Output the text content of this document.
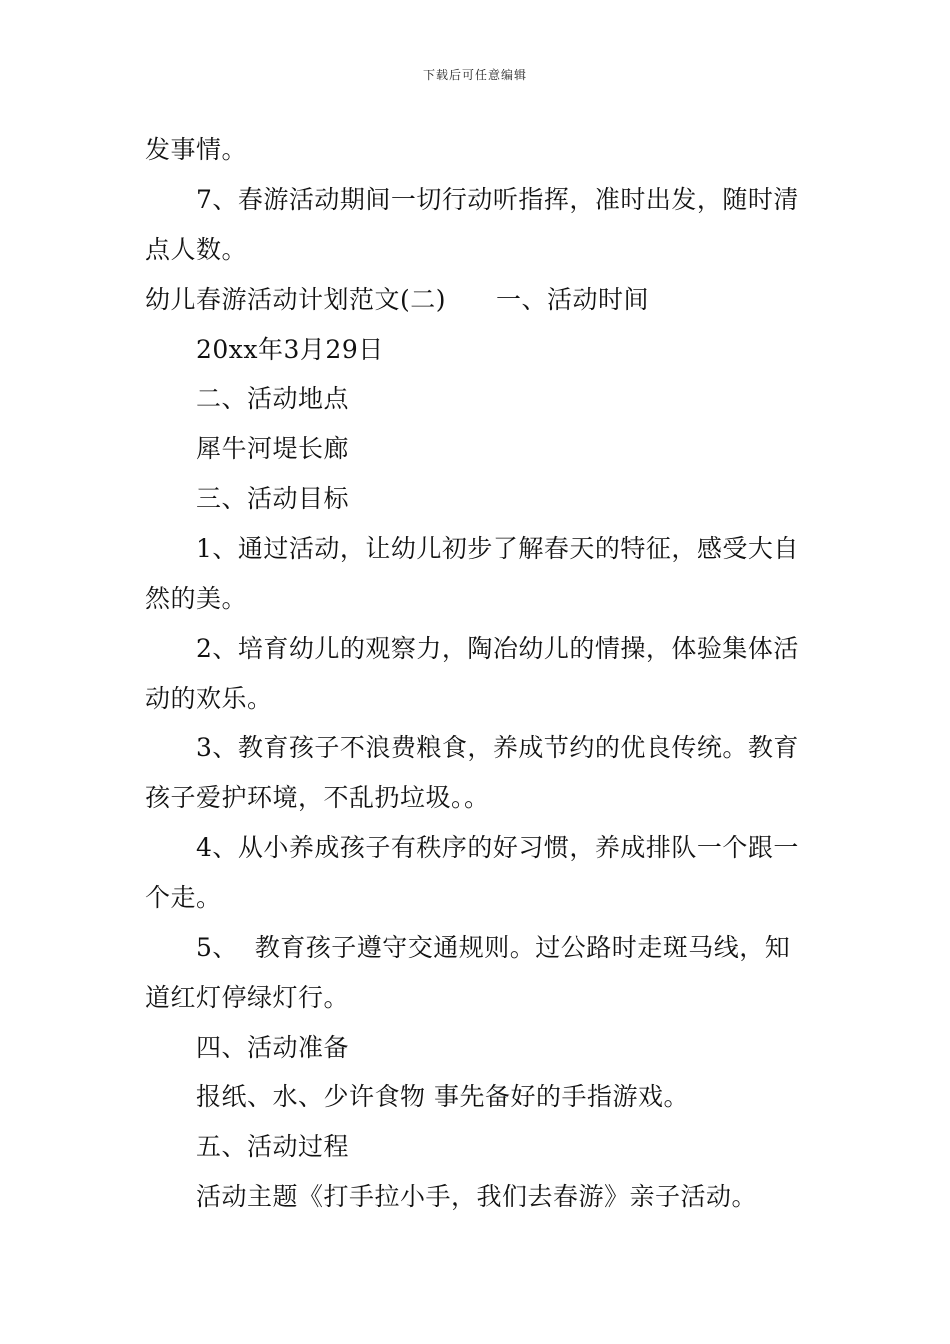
下载后可任意编辑
发事情。
7、春游活动期间一切行动听指挥，准时出发，随时清
点人数。
幼儿春游活动计划范文(二) 一、活动时间
20xx年3月29日
二、活动地点
犀牛河堤长廊
三、活动目标
1、通过活动，让幼儿初步了解春天的特征，感受大自
然的美。
2、培育幼儿的观察力，陶冶幼儿的情操，体验集体活
动的欢乐。
3、教育孩子不浪费粮食，养成节约的优良传统。教育
孩子爱护环境，不乱扔垃圾。。
4、从小养成孩子有秩序的好习惯，养成排队一个跟一
个走。
5、  教育孩子遵守交通规则。过公路时走斑马线，知
道红灯停绿灯行。
四、活动准备
报纸、水、少许食物 事先备好的手指游戏。
五、活动过程
活动主题《打手拉小手，我们去春游》亲子活动。
